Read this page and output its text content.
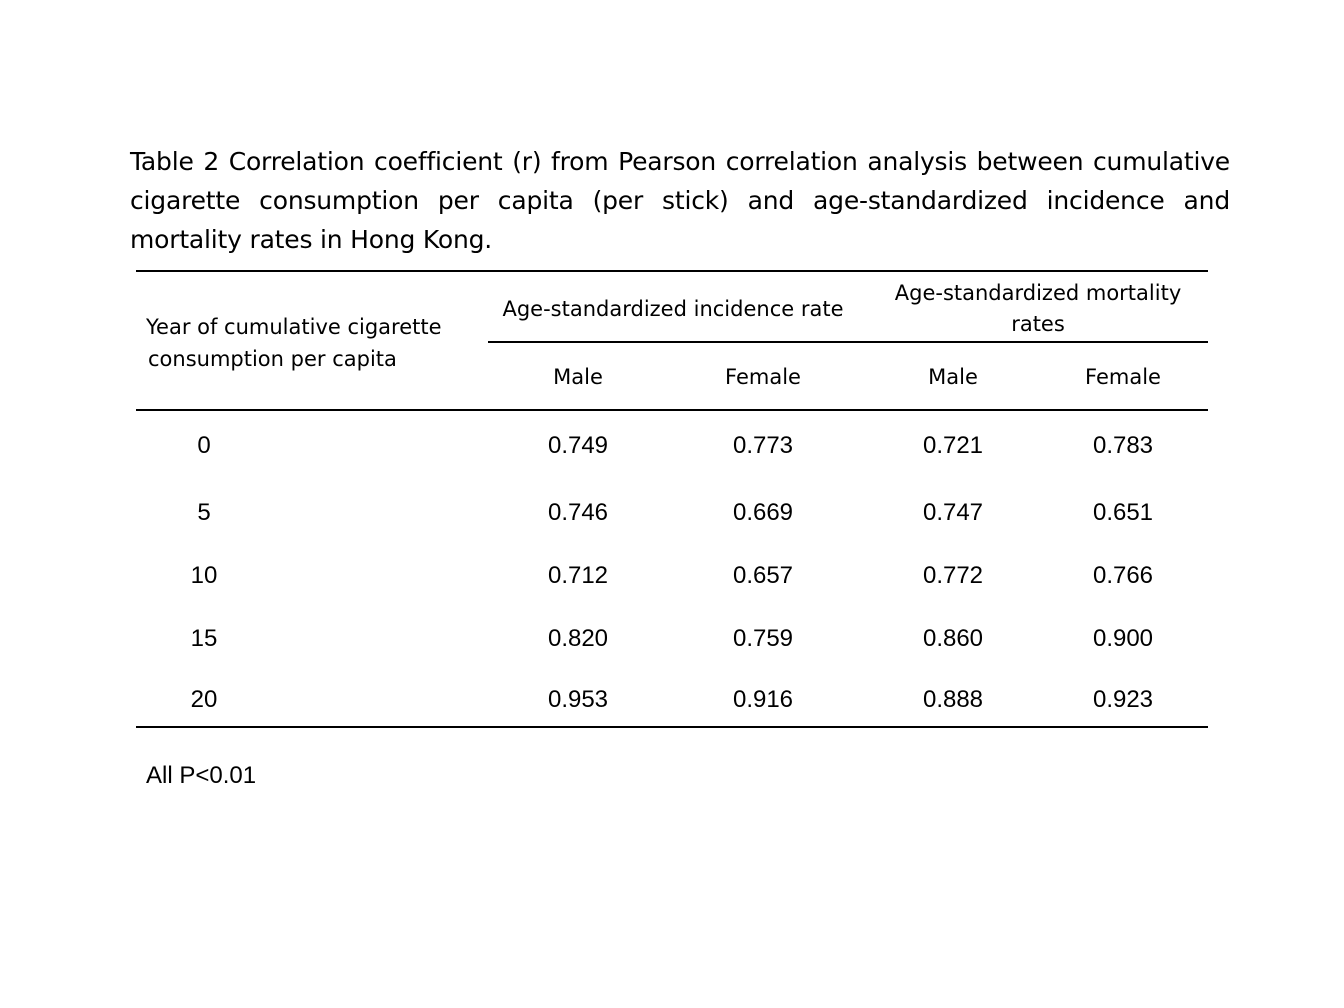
Table 2 Correlation coefficient (r) from Pearson correlation analysis between cumulative cigarette consumption per capita (per stick) and age-standardized incidence and mortality rates in Hong Kong.
Year of cumulative cigarette
consumption per capita
Age-standardized incidence rate
Age-standardized mortality
rates
Male	Female	Male	Female
0	0.749	0.773	0.721	0.783
5	0.746	0.669	0.747	0.651
10	0.712	0.657	0.772	0.766
15	0.820	0.759	0.860	0.900
20	0.953	0.916	0.888	0.923
All P<0.01
